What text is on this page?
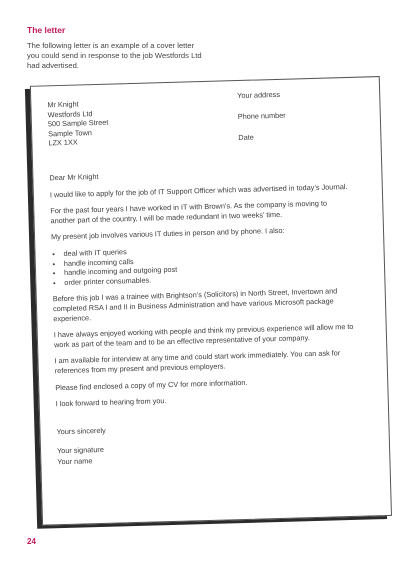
The letter
The following letter is an example of a cover letter you could send in response to the job Westfords Ltd had advertised.
Mr Knight
Westfords Ltd
500 Sample Street
Sample Town
LZX 1XX
Your address
Phone number
Date

Dear Mr Knight

I would like to apply for the job of IT Support Officer which was advertised in today’s Journal.

For the past four years I have worked in IT with Brown’s. As the company is moving to another part of the country, I will be made redundant in two weeks’ time.

My present job involves various IT duties in person and by phone. I also:

• deal with IT queries
• handle incoming calls
• handle incoming and outgoing post
• order printer consumables.

Before this job I was a trainee with Brightson’s (Solicitors) in North Street, Invertown and completed RSA I and II in Business Administration and have various Microsoft package experience.

I have always enjoyed working with people and think my previous experience will allow me to work as part of the team and to be an effective representative of your company.

I am available for interview at any time and could start work immediately. You can ask for references from my present and previous employers.

Please find enclosed a copy of my CV for more information.

I look forward to hearing from you.

Yours sincerely
Your signature
Your name
24
